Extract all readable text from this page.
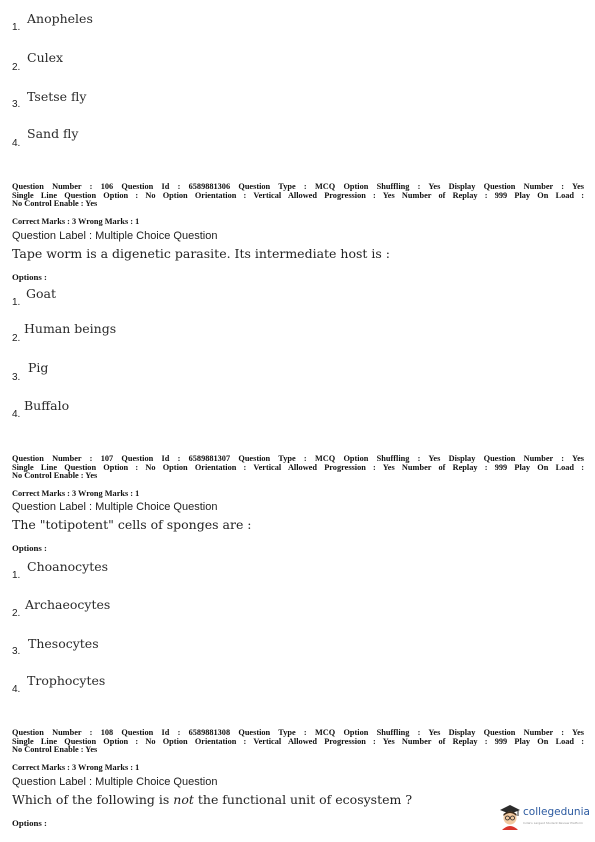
1.
Anopheles
2.
Culex
3.
Tsetse fly
4.
Sand fly
Question Number : 106 Question Id : 6589881306 Question Type : MCQ Option Shuffling : Yes Display Question Number : Yes
Single Line Question Option : No Option Orientation : Vertical Allowed Progression : Yes Number of Replay : 999 Play On Load :
No Control Enable : Yes
Correct Marks : 3 Wrong Marks : 1
Question Label : Multiple Choice Question
Tape worm is a digenetic parasite. Its intermediate host is :
Options :
1.
Goat
2.
Human beings
3.
Pig
4.
Buffalo
Question Number : 107 Question Id : 6589881307 Question Type : MCQ Option Shuffling : Yes Display Question Number : Yes
Single Line Question Option : No Option Orientation : Vertical Allowed Progression : Yes Number of Replay : 999 Play On Load :
No Control Enable : Yes
Correct Marks : 3 Wrong Marks : 1
Question Label : Multiple Choice Question
The "totipotent" cells of sponges are :
Options :
1.
Choanocytes
2.
Archaeocytes
3.
Thesocytes
4.
Trophocytes
Question Number : 108 Question Id : 6589881308 Question Type : MCQ Option Shuffling : Yes Display Question Number : Yes
Single Line Question Option : No Option Orientation : Vertical Allowed Progression : Yes Number of Replay : 999 Play On Load :
No Control Enable : Yes
Correct Marks : 3 Wrong Marks : 1
Question Label : Multiple Choice Question
Which of the following is not the functional unit of ecosystem ?
Options :
collegedunia
India's Largest Student Review Platform
